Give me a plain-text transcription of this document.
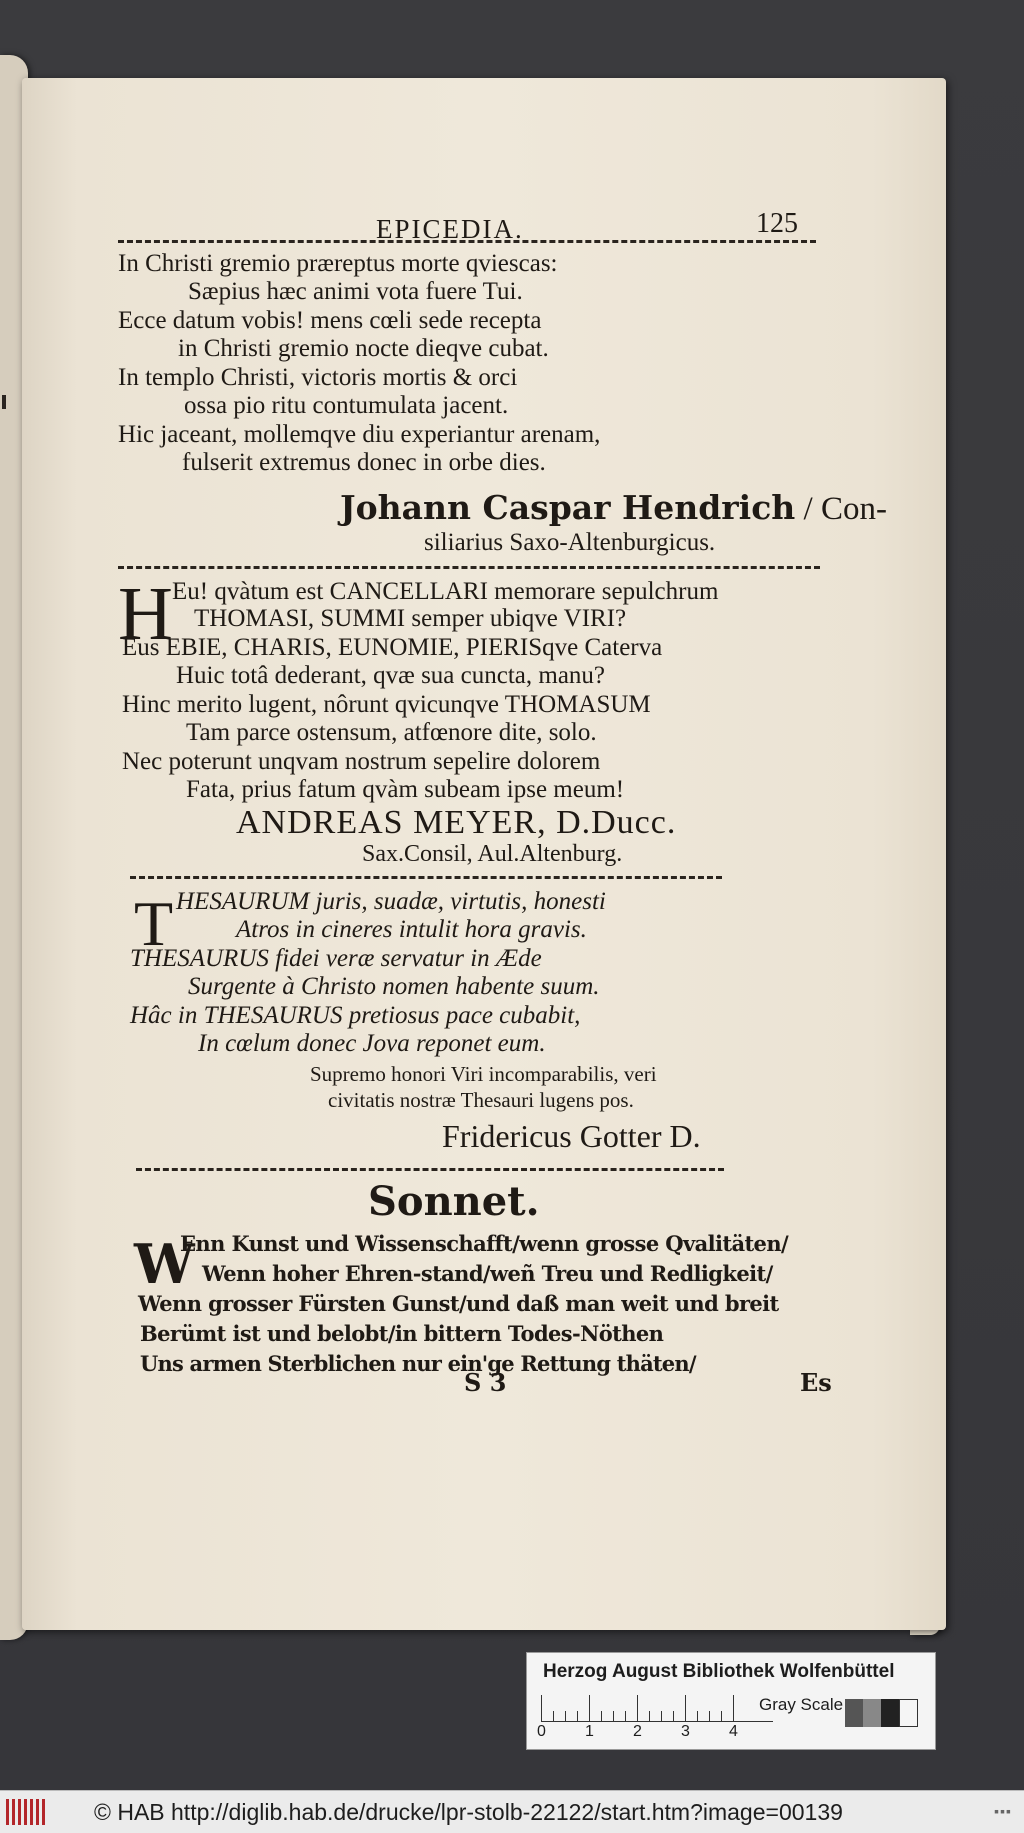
EPICEDIA.	125
In Christi gremio præreptus morte qviescas:
Sæpius hæc animi vota fuere Tui.
Ecce datum vobis! mens cœli sede recepta
in Christi gremio nocte dieqve cubat.
In templo Christi, victoris mortis & orci
ossa pio ritu contumulata jacent.
Hic jaceant, mollemqve diu experiantur arenam,
fulserit extremus donec in orbe dies.
Johann Caspar Hendrich / Con-
siliarius Saxo-Altenburgicus.
H Eu! qvàtum est CANCELLARI memorare sepulchrum
THOMASI, SUMMI semper ubiqve VIRI?
Eus EBIE, CHARIS, EUNOMIE, PIERISqve Caterva
Huic totâ dederant, qvæ sua cuncta, manu?
Hinc merito lugent, nôrunt qvicunqve THOMASUM
Tam parce ostensum, atfœnore dite, solo.
Nec poterunt unqvam nostrum sepelire dolorem
Fata, prius fatum qvàm subeam ipse meum!
ANDREAS MEYER, D.Ducc.
Sax.Consil, Aul.Altenburg.
T HESAURUM juris, suadæ, virtutis, honesti
Atros in cineres intulit hora gravis.
THESAURUS fidei veræ servatur in Æde
Surgente à Christo nomen habente suum.
Hâc in THESAURUS pretiosus pace cubabit,
In cœlum donec Jova reponet eum.
Supremo honori Viri incomparabilis, veri
civitatis nostræ Thesauri lugens pos.
Fridericus Gotter D.
Sonnet.
W
Enn Kunst und Wissenschafft/wenn grosse Qvalitäten/
Wenn hoher Ehren-stand/weñ Treu und Redligkeit/
Wenn grosser Fürsten Gunst/und daß man weit und breit
Berümt ist und belobt/in bittern Todes-Nöthen
Uns armen Sterblichen nur ein'ge Rettung thäten/
S 3	Es
Herzog August Bibliothek Wolfenbüttel
0 1 2 3 4
Gray Scale
© HAB http://diglib.hab.de/drucke/lpr-stolb-22122/start.htm?image=00139	▪▪▪
